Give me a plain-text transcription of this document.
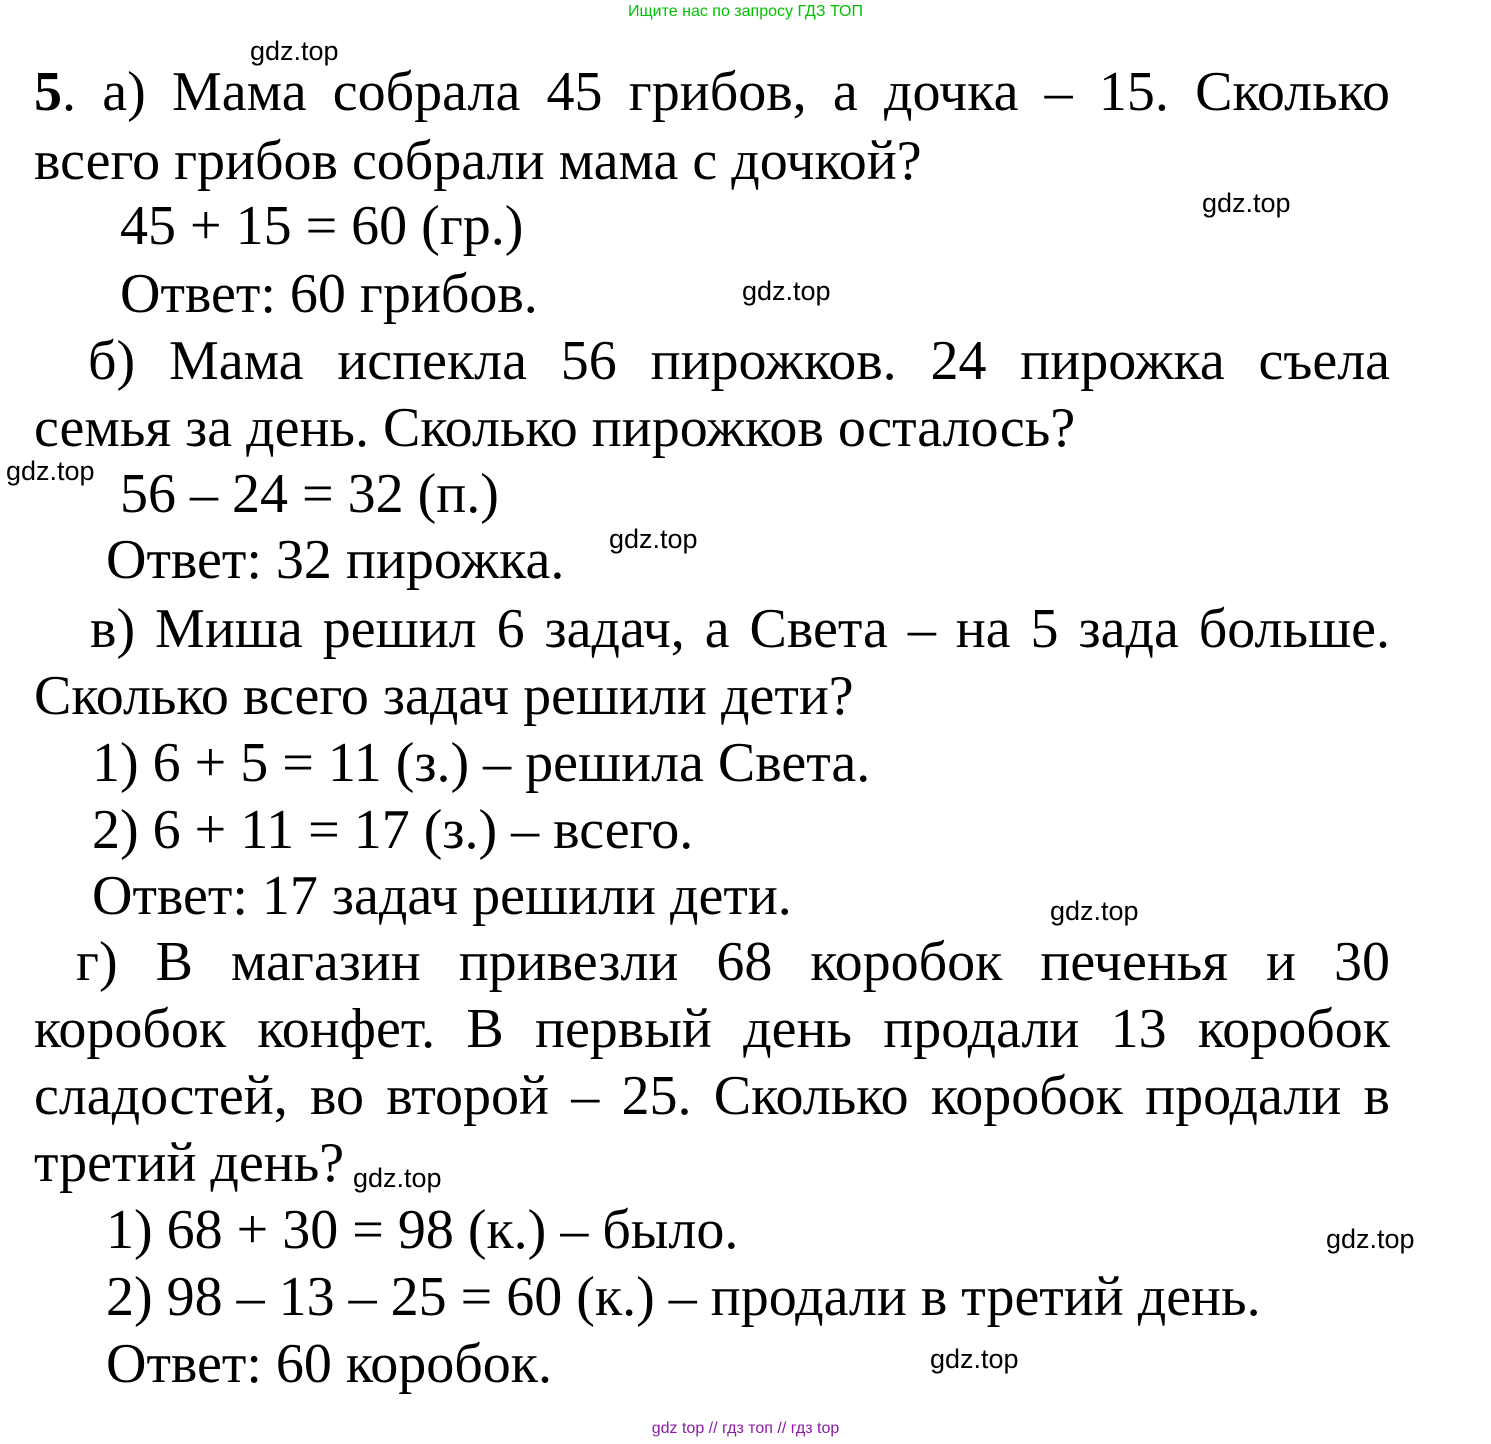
Ищите нас по запросу ГДЗ ТОП
5. а) Мама собрала 45 грибов, а дочка – 15. Сколько
всего грибов собрали мама с дочкой?
45 + 15 = 60 (гр.)
Ответ: 60 грибов.
б) Мама испекла 56 пирожков. 24 пирожка съела
семья за день. Сколько пирожков осталось?
56 – 24 = 32 (п.)
Ответ: 32 пирожка.
в) Миша решил 6 задач, а Света – на 5 зада больше.
Сколько всего задач решили дети?
1) 6 + 5 = 11 (з.) – решила Света.
2) 6 + 11 = 17 (з.) – всего.
Ответ: 17 задач решили дети.
г) В магазин привезли 68 коробок печенья и 30
коробок конфет. В первый день продали 13 коробок
сладостей, во второй – 25. Сколько коробок продали в
третий день?
1) 68 + 30 = 98 (к.) – было.
2) 98 – 13 – 25 = 60 (к.) – продали в третий день.
Ответ: 60 коробок.
gdz.top
gdz.top
gdz.top
gdz.top
gdz.top
gdz.top
gdz.top
gdz.top
gdz.top
gdz top // гдз топ // гдз top
